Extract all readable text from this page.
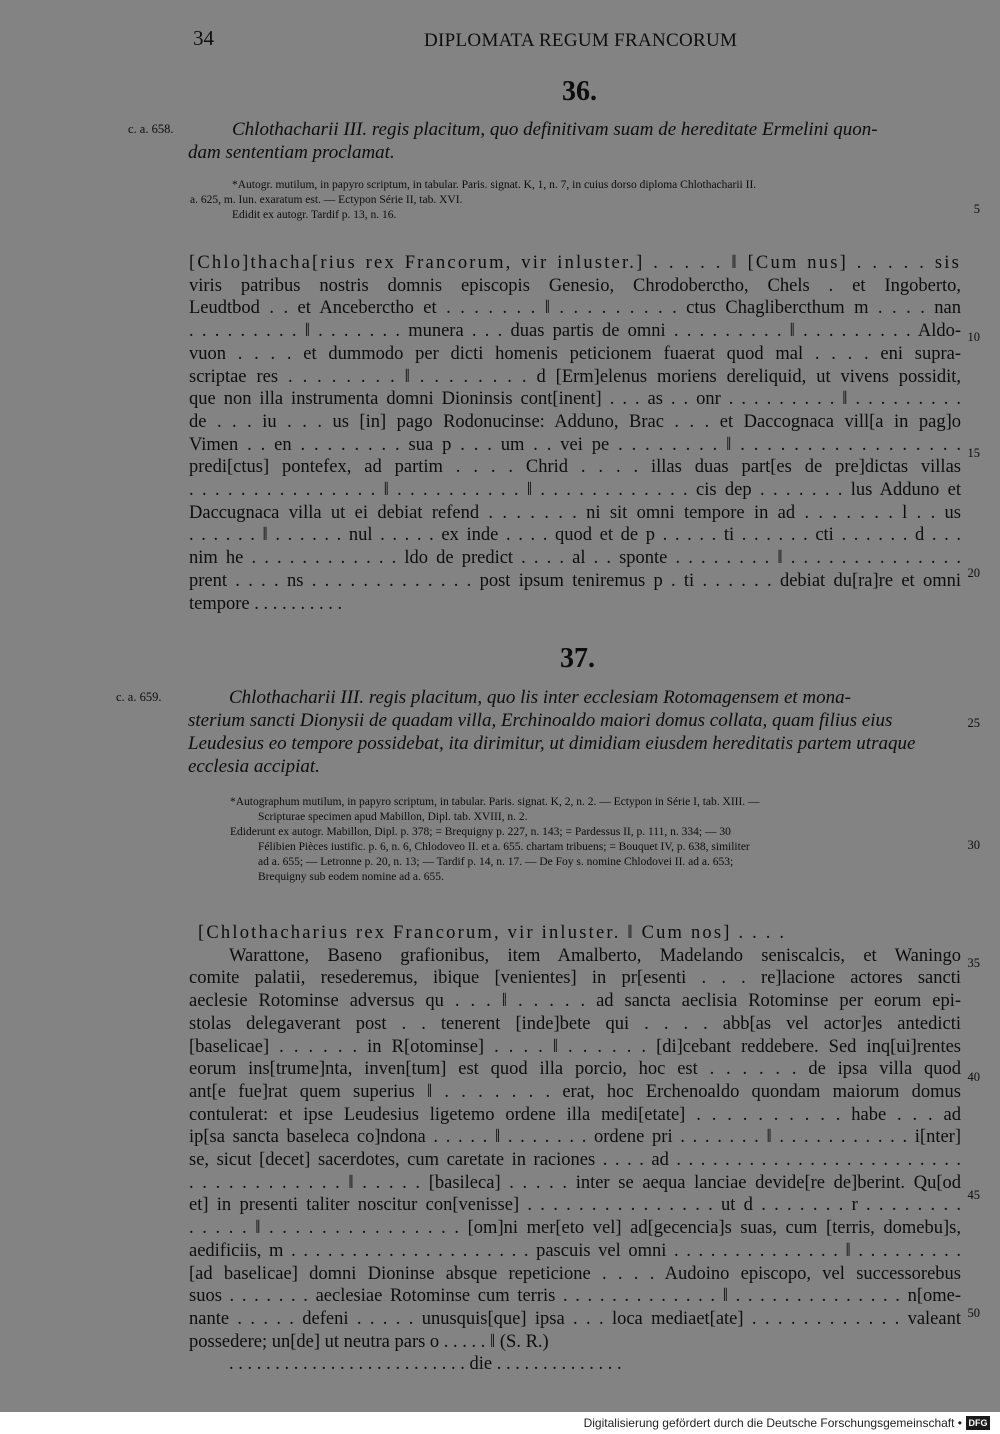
34	DIPLOMATA REGUM FRANCORUM
36.
c. a. 658.	Chlothacharii III. regis placitum, quo definitivam suam de hereditate Ermelini quon-
dam sententiam proclamat.

*Autogr. mutilum, in papyro scriptum, in tabular. Paris. signat. K, 1, n. 7, in cuius dorso diploma Chlothacharii II.

a. 625, m. Iun. exaratum est. — Ectypon Série II, tab. XVI.

Edidit ex autogr. Tardif p. 13, n. 16.

[Chlo]thacha[rius rex Francorum, vir inluster.] . . . . . ‖ [Cum nus] . . . . . sis

viris patribus nostris domnis episcopis Genesio, Chrodoberctho, Chels . et Ingoberto,

Leudtbod . . et Ancebercthо et . . . . . . . ‖ . . . . . . . . . ctus Chaglibercthum m . . . . nan

. . . . . . . . . ‖ . . . . . . . munera . . . duas partis de omni . . . . . . . . . ‖ . . . . . . . . . Aldo-

vuon . . . . et dummodo per dicti homenis peticionem fuaerat quod mal . . . . eni supra-

scriptae res . . . . . . . . ‖ . . . . . . . . d [Erm]elenus moriens dereliquid, ut vivens possidit,

que non illa instrumenta domni Dioninsis cont[inent] . . . as . . onr . . . . . . . . . ‖ . . . . . . . . .

de . . . iu . . . us [in] pago Rodonucinse: Adduno, Brac . . . et Daccognaca vill[a in pag]o

Vimen . . en . . . . . . . . sua p . . . um . . vei pe . . . . . . . . ‖ . . . . . . . . . . . . . . . . .

predi[ctus] pontefex, ad partim . . . . Chrid . . . . illas duas part[es de pre]dictas villas

. . . . . . . . . . . . . . . ‖ . . . . . . . . . . ‖ . . . . . . . . . . . . cis dep . . . . . . . lus Adduno et

Daccugnaca villa ut ei debiat refend . . . . . . . ni sit omni tempore in ad . . . . . . . l . . us

. . . . . . ‖ . . . . . . nul . . . . . ex inde . . . . quod et de p . . . . . ti . . . . . . cti . . . . . . d . . .

nim he . . . . . . . . . . . . ldo de predict . . . . al . . sponte . . . . . . . . ‖ . . . . . . . . . . . . . .

prent . . . . ns . . . . . . . . . . . . . post ipsum teniremus p . ti . . . . . . debiat du[ra]re et omni

tempore . . . . . . . . . .

37.
c. a. 659.	Chlothacharii III. regis placitum, quo lis inter ecclesiam Rotomagensem et mona-
sterium sancti Dionysii de quadam villa, Erchinoaldo maiori domus collata, quam filius eius
Leudesius eo tempore possidebat, ita dirimitur, ut dimidiam eiusdem hereditatis partem utraque
ecclesia accipiat.

*Autographum mutilum, in papyro scriptum, in tabular. Paris. signat. K, 2, n. 2. — Ectypon in Série I, tab. XIII. —

Scripturae specimen apud Mabillon, Dipl. tab. XVIII, n. 2.

Ediderunt ex autogr. Mabillon, Dipl. p. 378; = Brequigny p. 227, n. 143; = Pardessus II, p. 111, n. 334; — 30

Félibien Pièces iustific. p. 6, n. 6, Chlodoveo II. et a. 655. chartam tribuens; = Bouquet IV, p. 638, similiter

ad a. 655; — Letronne p. 20, n. 13; — Tardif p. 14, n. 17. — De Foy s. nomine Chlodovei II. ad a. 653;

Brequigny sub eodem nomine ad a. 655.

[Chlothacharius rex Francorum, vir inluster. ‖ Cum nos] . . . .

Warattone, Baseno grafionibus, item Amalberto, Madelando seniscalcis, et Waningo

comite palatii, resederemus, ibique [venientes] in pr[esenti . . . re]lacione actores sancti

aeclesie Rotominse adversus qu . . . ‖ . . . . . ad sancta aeclisia Rotominse per eorum epi-

stolas delegaverant post . . tenerent [inde]bete qui . . . . abb[as vel actor]es antedicti

[baselicae] . . . . . . in R[otominse] . . . . ‖ . . . . . . [di]cebant reddebere. Sed inq[ui]rentes

eorum ins[trume]nta, inven[tum] est quod illa porcio, hoc est . . . . . . de ipsa villa quod

ant[e fue]rat quem superius ‖ . . . . . . . erat, hoc Erchenoaldo quondam maiorum domus

contulerat: et ipse Leudesius ligetemo ordene illa medi[etate] . . . . . . . . . . habe . . . ad

ip[sa sancta baseleca co]ndona . . . . . ‖ . . . . . . . ordene pri . . . . . . . ‖ . . . . . . . . . . . i[nter]

se, sicut [decet] sacerdotes, cum caretate in raciones . . . . ad . . . . . . . . . . . . . . . . . . . . . . . .

. . . . . . . . . . . . ‖ . . . . . [basileca] . . . . . inter se aequa lanciae devide[re de]berint. Qu[od

et] in presenti taliter noscitur con[venisse] . . . . . . . . . . . . . . . ut d . . . . . . . r . . . . . . . .

. . . . . ‖ . . . . . . . . . . . . . . . [om]ni mer[eto vel] ad[gecencia]s suas, cum [terris, domebu]s,

aedificiis, m . . . . . . . . . . . . . . . . . . . . pascuis vel omni . . . . . . . . . . . . . . ‖ . . . . . . . . .

[ad baselicae] domni Dioninse absque repeticione . . . . Audoino episcopo, vel successorebus

suos . . . . . . . aeclesiae Rotominse cum terris . . . . . . . . . . . . . ‖ . . . . . . . . . . . . . . n[ome-

nante . . . . . defeni . . . . . unusquis[que] ipsa . . . loca mediaet[ate] . . . . . . . . . . . . valeant

possedere; un[de] ut neutra pars o . . . . . ‖ (S. R.)

. . . . . . . . . . . . . . . . . . . . . . . . . . die . . . . . . . . . . . . . .

5
10
15
20
25
30
35
40
45
50
Digitalisierung gefördert durch die Deutsche Forschungsgemeinschaft • DFG
